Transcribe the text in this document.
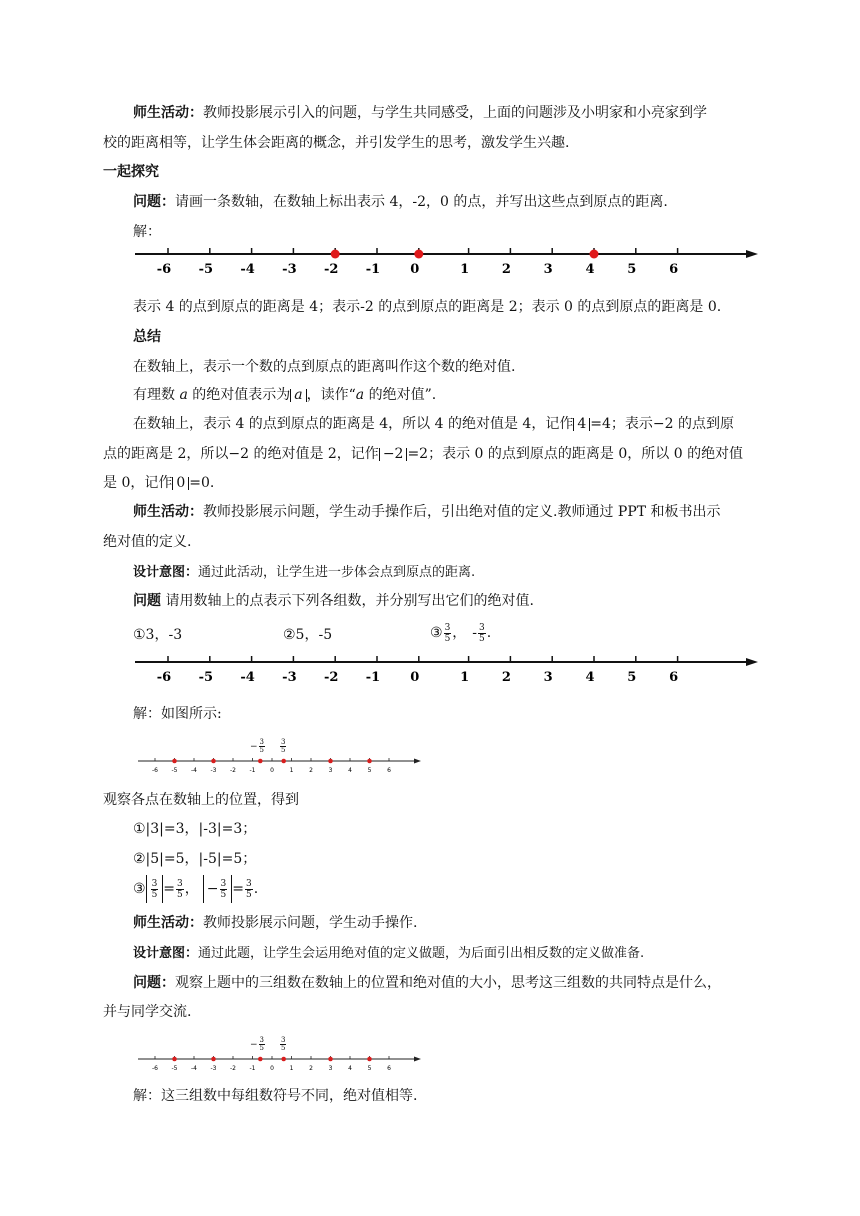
师生活动：教师投影展示引入的问题，与学生共同感受，上面的问题涉及小明家和小亮家到学
校的距离相等，让学生体会距离的概念，并引发学生的思考，激发学生兴趣.
一起探究
问题：请画一条数轴，在数轴上标出表示 4，-2，0 的点，并写出这些点到原点的距离.
解：
-6 -5 -4 -3 -2 -1 0	1	2	3	4	5	6
表示 4 的点到原点的距离是 4；表示-2 的点到原点的距离是 2；表示 0 的点到原点的距离是 0.
总结
在数轴上，表示一个数的点到原点的距离叫作这个数的绝对值.
有理数 a 的绝对值表示为 a ，读作“a 的绝对值”.
在数轴上，表示 4 的点到原点的距离是 4，所以 4 的绝对值是 4，记作 4 =4；表示−2 的点到原
点的距离是 2，所以−2 的绝对值是 2，记作 −2 =2；表示 0 的点到原点的距离是 0，所以 0 的绝对值
是 0，记作 0 =0.
师生活动：教师投影展示问题，学生动手操作后，引出绝对值的定义.教师通过 PPT 和板书出示
绝对值的定义.
设计意图：通过此活动，让学生进一步体会点到原点的距离.
问题 请用数轴上的点表示下列各组数，并分别写出它们的绝对值.
①3，-3	②5，-5	③ $\frac{3}{5}$ ， - $\frac{3}{5}$ .
-6 -5 -4 -3 -2 -1 0	1	2	3	4	5	6
解：如图所示:
-6 -5 -4 -3 -2 -1 0	1	2	3	4	5	6
− $\frac{3}{5} \frac{3}{5}$
观察各点在数轴上的位置，得到
①|3|=3，|-3|=3；
②|5|=5，|-5|=5；
③ $\frac{3}{5} = \frac{3}{5}$ ， − $\frac{3}{5} = \frac{3}{5}$ .
师生活动：教师投影展示问题，学生动手操作.
设计意图：通过此题，让学生会运用绝对值的定义做题，为后面引出相反数的定义做准备.
问题：观察上题中的三组数在数轴上的位置和绝对值的大小，思考这三组数的共同特点是什么，
并与同学交流.
-6 -5 -4 -3 -2 -1 0	1	2	3	4	5	6
− $\frac{3}{5} \frac{3}{5}$
解：这三组数中每组数符号不同，绝对值相等.
